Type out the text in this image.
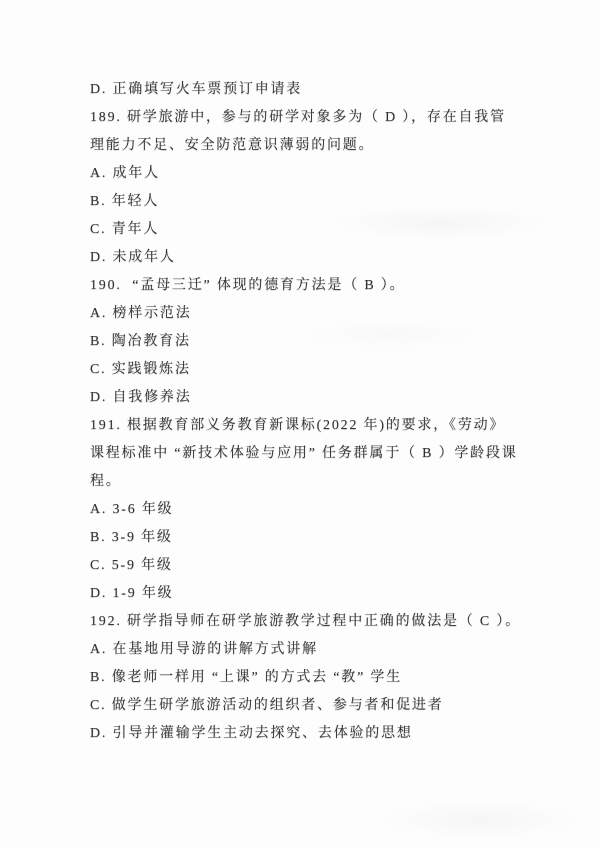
D. 正确填写火车票预订申请表
189. 研学旅游中，参与的研学对象多为（ D ），存在自我管
理能力不足、安全防范意识薄弱的问题。
A. 成年人
B. 年轻人
C. 青年人
D. 未成年人
190.  “孟母三迁” 体现的德育方法是（ B ）。
A. 榜样示范法
B. 陶冶教育法
C. 实践锻炼法
D. 自我修养法
191. 根据教育部义务教育新课标(2022 年)的要求，《劳动》
课程标准中 “新技术体验与应用” 任务群属于（ B ）学龄段课
程。
A. 3-6 年级
B. 3-9 年级
C. 5-9 年级
D. 1-9 年级
192. 研学指导师在研学旅游教学过程中正确的做法是（ C ）。
A. 在基地用导游的讲解方式讲解
B. 像老师一样用 “上课” 的方式去 “教” 学生
C. 做学生研学旅游活动的组织者、参与者和促进者
D. 引导并灌输学生主动去探究、去体验的思想
